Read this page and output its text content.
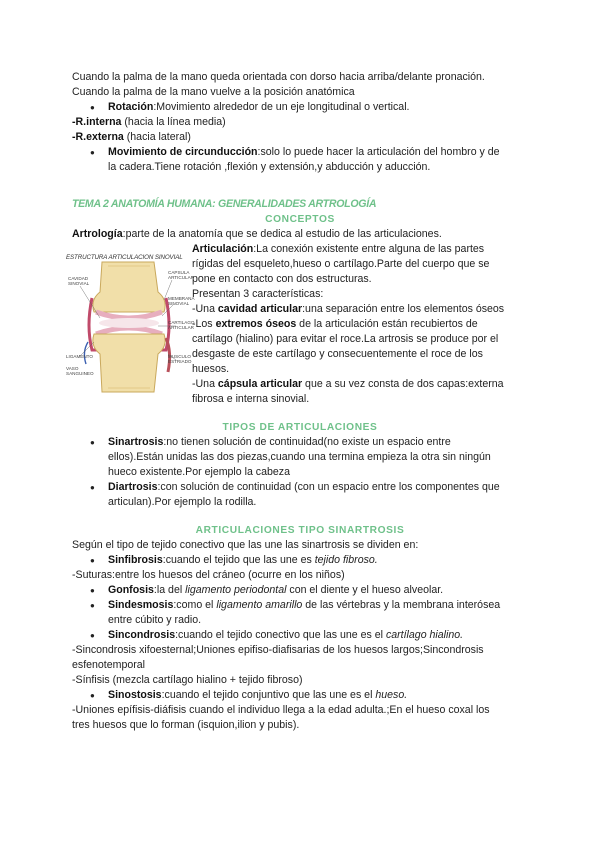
Cuando la palma de la mano queda orientada con dorso hacia arriba/delante pronación.

Cuando la palma de la mano vuelve a la posición anatómica

● Rotación:Movimiento alrededor de un eje longitudinal o vertical.

-R.interna (hacia la línea media)

-R.externa (hacia lateral)

● Movimiento de circunducción:solo lo puede hacer la articulación del hombro y de
la cadera.Tiene rotación ,flexión y extensión,y abducción y aducción.

TEMA 2 ANATOMÍA HUMANA: GENERALIDADES ARTROLOGÍA

CONCEPTOS

Artrología:parte de la anatomía que se dedica al estudio de las articulaciones.

ESTRUCTURA ARTICULACION SINOVIAL
CAVIDAD SINOVIAL
CAPSULA ARTICULAR
MEMBRANA SINOVIAL
CARTILAGO ARTICULAR
MUSCULO ESTRIADO
LIGAMENTO
VASO SANGUINEO

Articulación:La conexión existente entre alguna de las partes

rígidas del esqueleto,hueso o cartílago.Parte del cuerpo que se

pone en contacto con dos estructuras.

Presentan 3 características:

-Una cavidad articular:una separación entre los elementos óseos

-Los extremos óseos de la articulación están recubiertos de

cartílago (hialino) para evitar el roce.La artrosis se produce por el

desgaste de este cartílago y consecuentemente el roce de los

huesos.

-Una cápsula articular que a su vez consta de dos capas:externa

fibrosa e interna sinovial.

TIPOS DE ARTICULACIONES

● Sinartrosis:no tienen solución de continuidad(no existe un espacio entre
ellos).Están unidas las dos piezas,cuando una termina empieza la otra sin ningún
hueco existente.Por ejemplo la cabeza
● Diartrosis:con solución de continuidad (con un espacio entre los componentes que
articulan).Por ejemplo la rodilla.

ARTICULACIONES TIPO SINARTROSIS

Según el tipo de tejido conectivo que las une las sinartrosis se dividen en:

● Sinfibrosis:cuando el tejido que las une es tejido fibroso.

-Suturas:entre los huesos del cráneo (ocurre en los niños)

● Gonfosis:la del ligamento periodontal con el diente y el hueso alveolar.
● Sindesmosis:como el ligamento amarillo de las vértebras y la membrana interósea
entre cúbito y radio.
● Sincondrosis:cuando el tejido conectivo que las une es el cartílago hialino.

-Sincondrosis xifoesternal;Uniones epifiso-diafisarias de los huesos largos;Sincondrosis

esfenotemporal

-Sínfisis (mezcla cartílago hialino + tejido fibroso)

● Sinostosis:cuando el tejido conjuntivo que las une es el hueso.

-Uniones epífisis-diáfisis cuando el individuo llega a la edad adulta.;En el hueso coxal los

tres huesos que lo forman (isquion,ilion y pubis).
